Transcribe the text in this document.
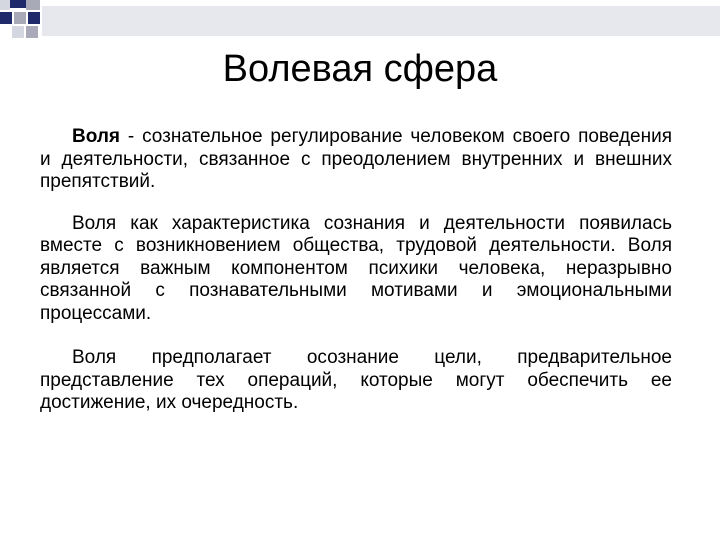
Волевая сфера

Воля - сознательное регулирование человеком своего поведения и деятельности, связанное с преодолением внутренних и внешних препятствий.

Воля как характеристика сознания и деятельности появилась вместе с возникновением общества, трудовой деятельности. Воля является важным компонентом психики человека, неразрывно связанной с познавательными мотивами и эмоциональными процессами.

Воля предполагает осознание цели, предварительное представление тех операций, которые могут обеспечить ее достижение, их очередность.
